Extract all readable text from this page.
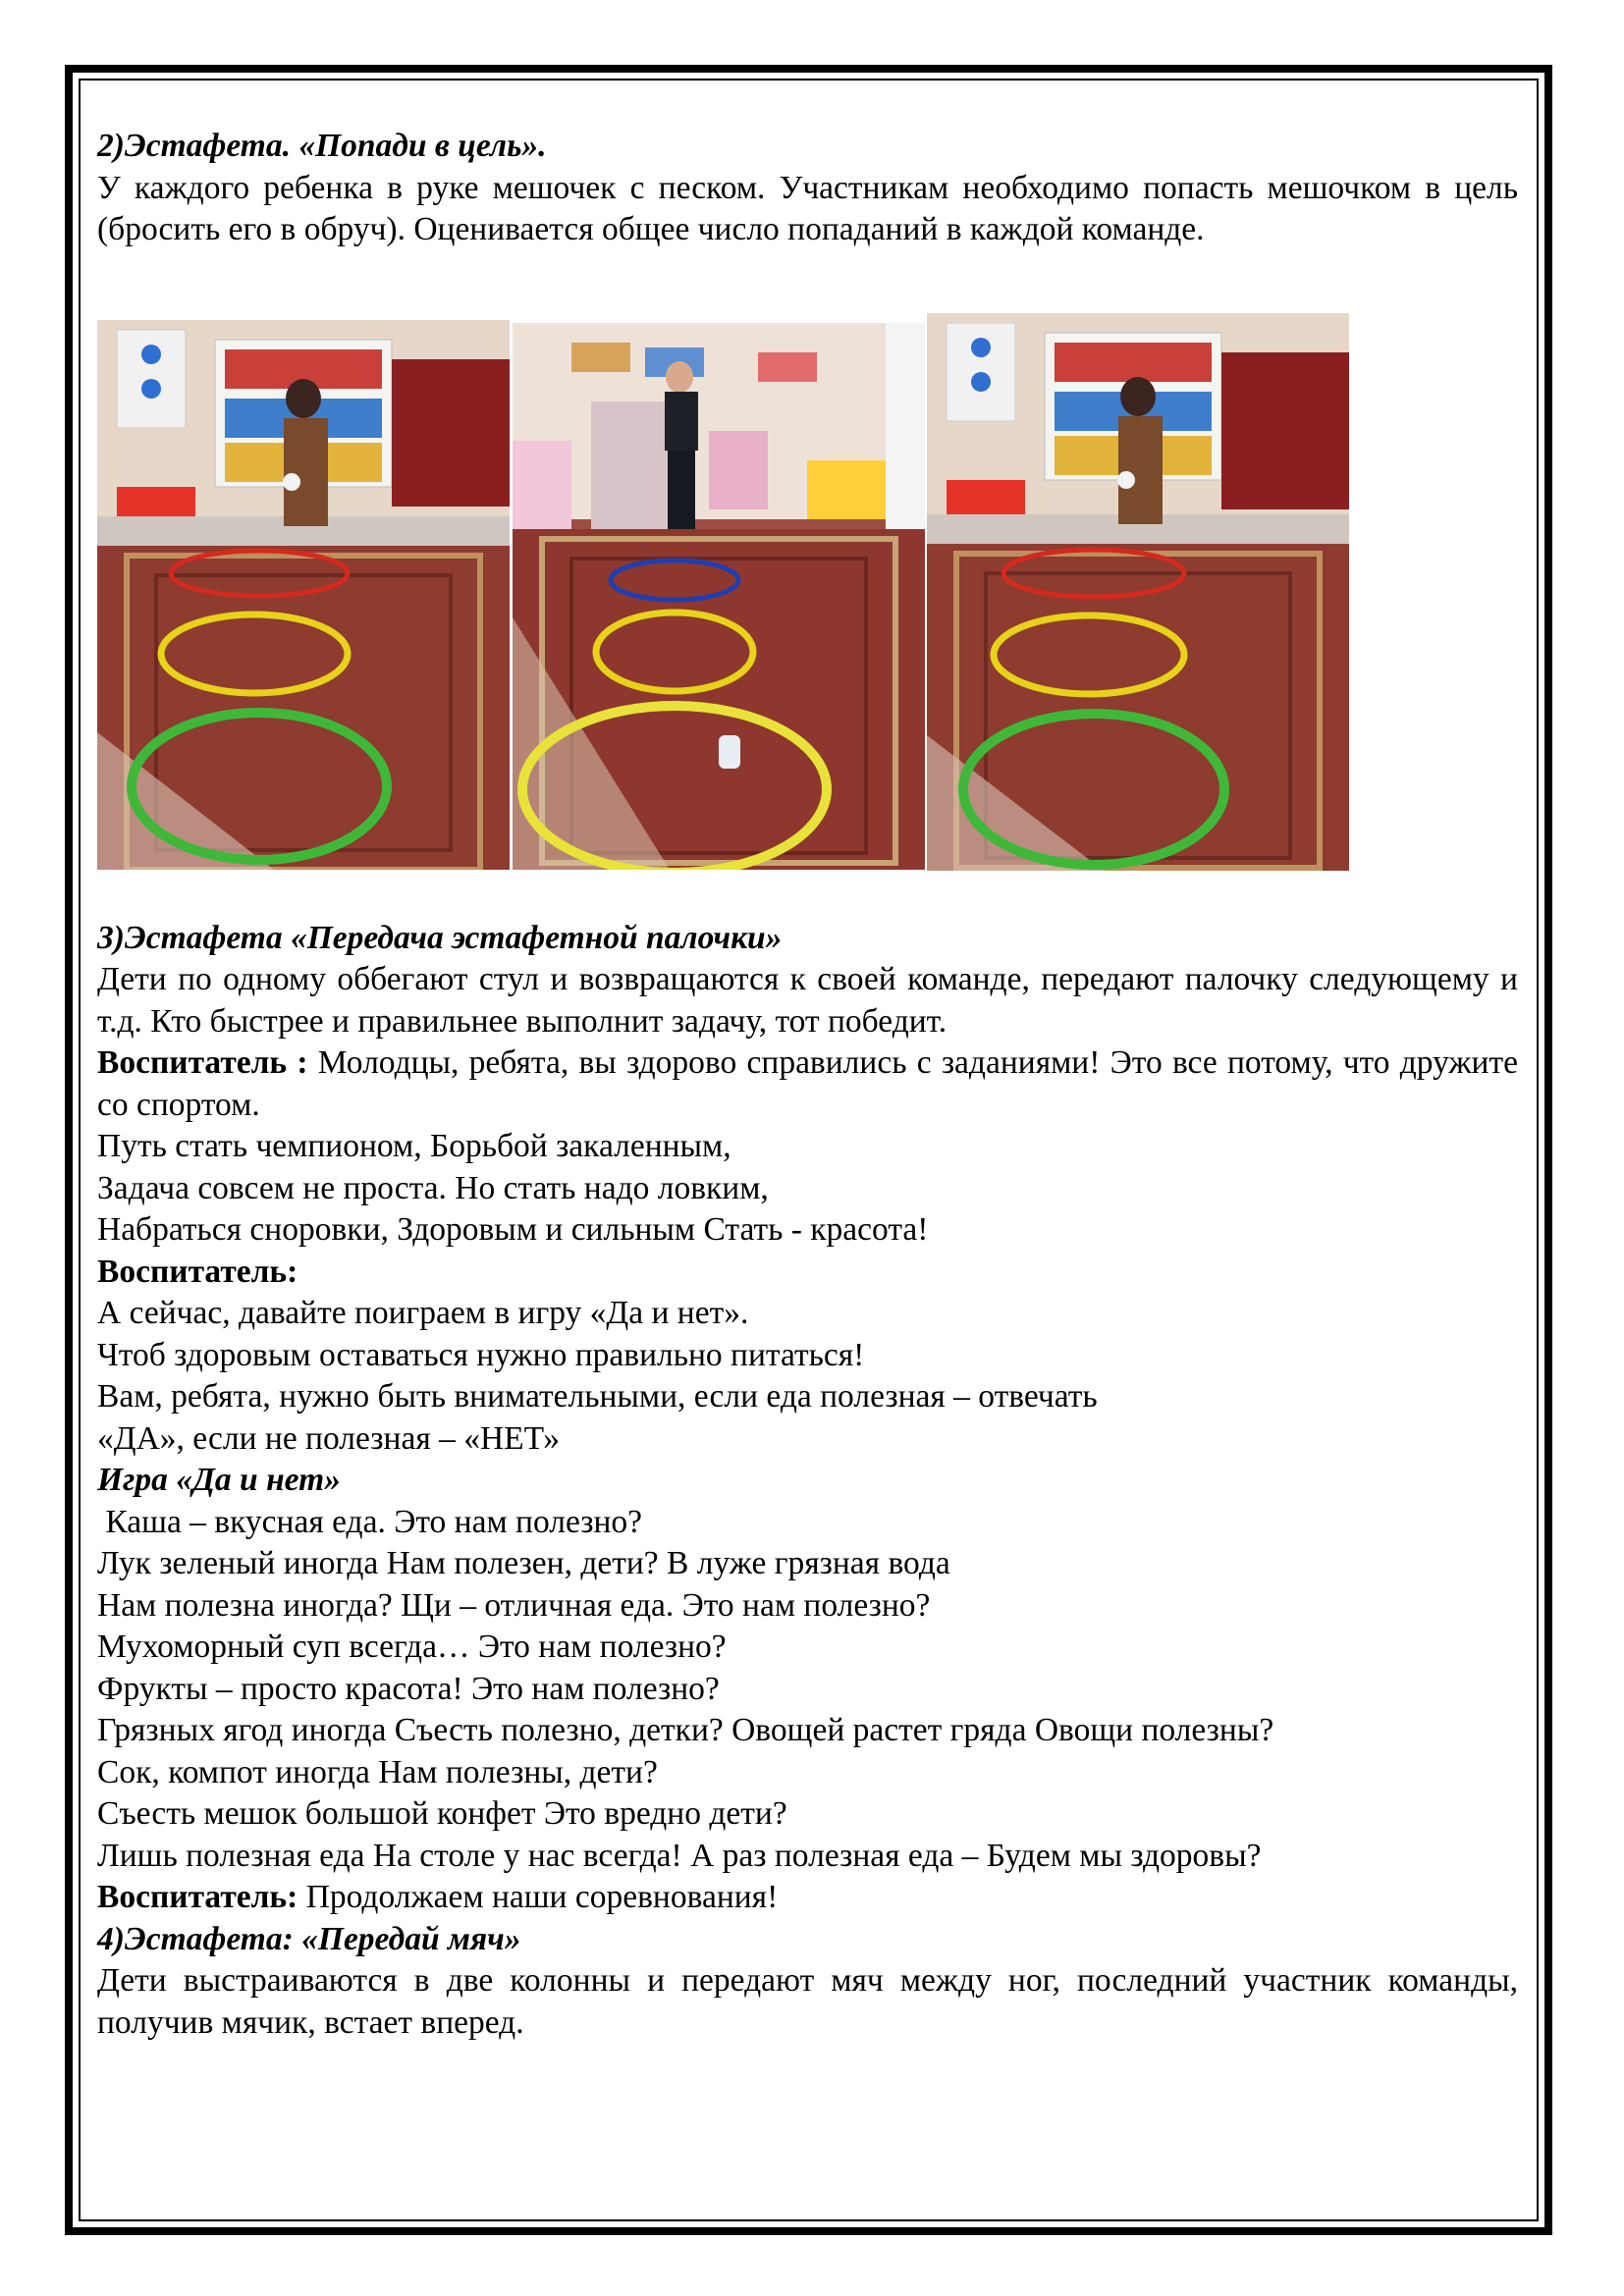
2)Эстафета. «Попади в цель».

У каждого ребенка в руке мешочек с песком. Участникам необходимо попасть мешочком в цель (бросить его в обруч). Оценивается общее число попаданий в каждой команде.

3)Эстафета «Передача эстафетной палочки»

Дети по одному оббегают стул и возвращаются к своей команде, передают палочку следующему и т.д. Кто быстрее и правильнее выполнит задачу, тот победит.

Воспитатель : Молодцы, ребята, вы здорово справились с заданиями! Это все потому, что дружите со спортом.

Путь стать чемпионом, Борьбой закаленным,

Задача совсем не проста. Но стать надо ловким,

Набраться сноровки, Здоровым и сильным Стать - красота!

Воспитатель:

А сейчас, давайте поиграем в игру «Да и нет».

Чтоб здоровым оставаться нужно правильно питаться!

Вам, ребята, нужно быть внимательными, если еда полезная – отвечать

«ДА», если не полезная – «НЕТ»

Игра «Да и нет»

Каша – вкусная еда. Это нам полезно?

Лук зеленый иногда Нам полезен, дети? В луже грязная вода

Нам полезна иногда? Щи – отличная еда. Это нам полезно?

Мухоморный суп всегда… Это нам полезно?

Фрукты – просто красота! Это нам полезно?

Грязных ягод иногда Съесть полезно, детки? Овощей растет гряда Овощи полезны?

Сок, компот иногда Нам полезны, дети?

Съесть мешок большой конфет Это вредно дети?

Лишь полезная еда На столе у нас всегда! А раз полезная еда – Будем мы здоровы?

Воспитатель: Продолжаем наши соревнования!

4)Эстафета: «Передай мяч»

Дети выстраиваются в две колонны и передают мяч между ног, последний участник команды, получив мячик, встает вперед.
